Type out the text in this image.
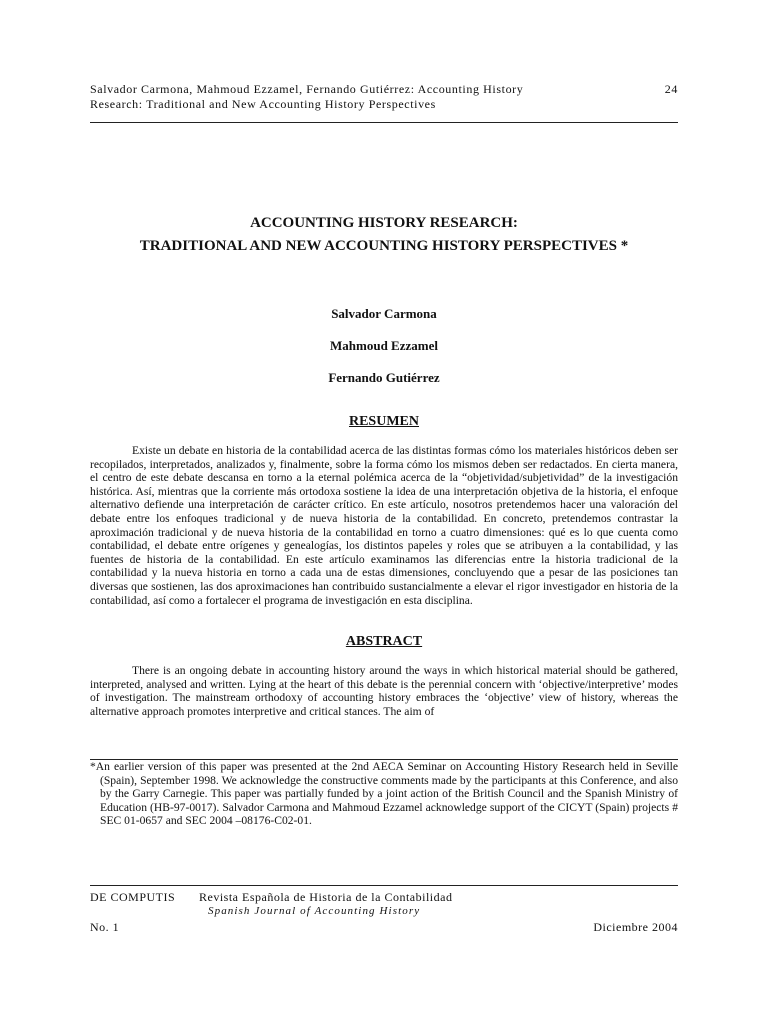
Salvador Carmona, Mahmoud Ezzamel, Fernando Gutiérrez: Accounting History
Research: Traditional and New Accounting History Perspectives
24
ACCOUNTING HISTORY RESEARCH:
TRADITIONAL AND NEW ACCOUNTING HISTORY PERSPECTIVES *
Salvador Carmona
Mahmoud Ezzamel
Fernando Gutiérrez
RESUMEN
Existe un debate en historia de la contabilidad acerca de las distintas formas cómo los materiales históricos deben ser recopilados, interpretados, analizados y, finalmente, sobre la forma cómo los mismos deben ser redactados. En cierta manera, el centro de este debate descansa en torno a la eternal polémica acerca de la “objetividad/subjetividad” de la investigación histórica. Así, mientras que la corriente más ortodoxa sostiene la idea de una interpretación objetiva de la historia, el enfoque alternativo defiende una interpretación de carácter crítico. En este artículo, nosotros pretendemos hacer una valoración del debate entre los enfoques tradicional y de nueva historia de la contabilidad. En concreto, pretendemos contrastar la aproximación tradicional y de nueva historia de la contabilidad en torno a cuatro dimensiones: qué es lo que cuenta como contabilidad, el debate entre orígenes y genealogías, los distintos papeles y roles que se atribuyen a la contabilidad, y las fuentes de historia de la contabilidad. En este artículo examinamos las diferencias entre la historia tradicional de la contabilidad y la nueva historia en torno a cada una de estas dimensiones, concluyendo que a pesar de las posiciones tan diversas que sostienen, las dos aproximaciones han contribuido sustancialmente a elevar el rigor investigador en historia de la contabilidad, así como a fortalecer el programa de investigación en esta disciplina.
ABSTRACT
There is an ongoing debate in accounting history around the ways in which historical material should be gathered, interpreted, analysed and written. Lying at the heart of this debate is the perennial concern with ‘objective/interpretive’ modes of investigation. The mainstream orthodoxy of accounting history embraces the ‘objective’ view of history, whereas the alternative approach promotes interpretive and critical stances. The aim of
*An earlier version of this paper was presented at the 2nd AECA Seminar on Accounting History Research held in Seville (Spain), September 1998. We acknowledge the constructive comments made by the participants at this Conference, and also by the Garry Carnegie. This paper was partially funded by a joint action of the British Council and the Spanish Ministry of Education (HB-97-0017). Salvador Carmona and Mahmoud Ezzamel acknowledge support of the CICYT (Spain) projects # SEC 01-0657 and SEC 2004 –08176-C02-01.
DE COMPUTIS Revista Española de Historia de la Contabilidad
Spanish Journal of Accounting History
No. 1	Diciembre 2004
